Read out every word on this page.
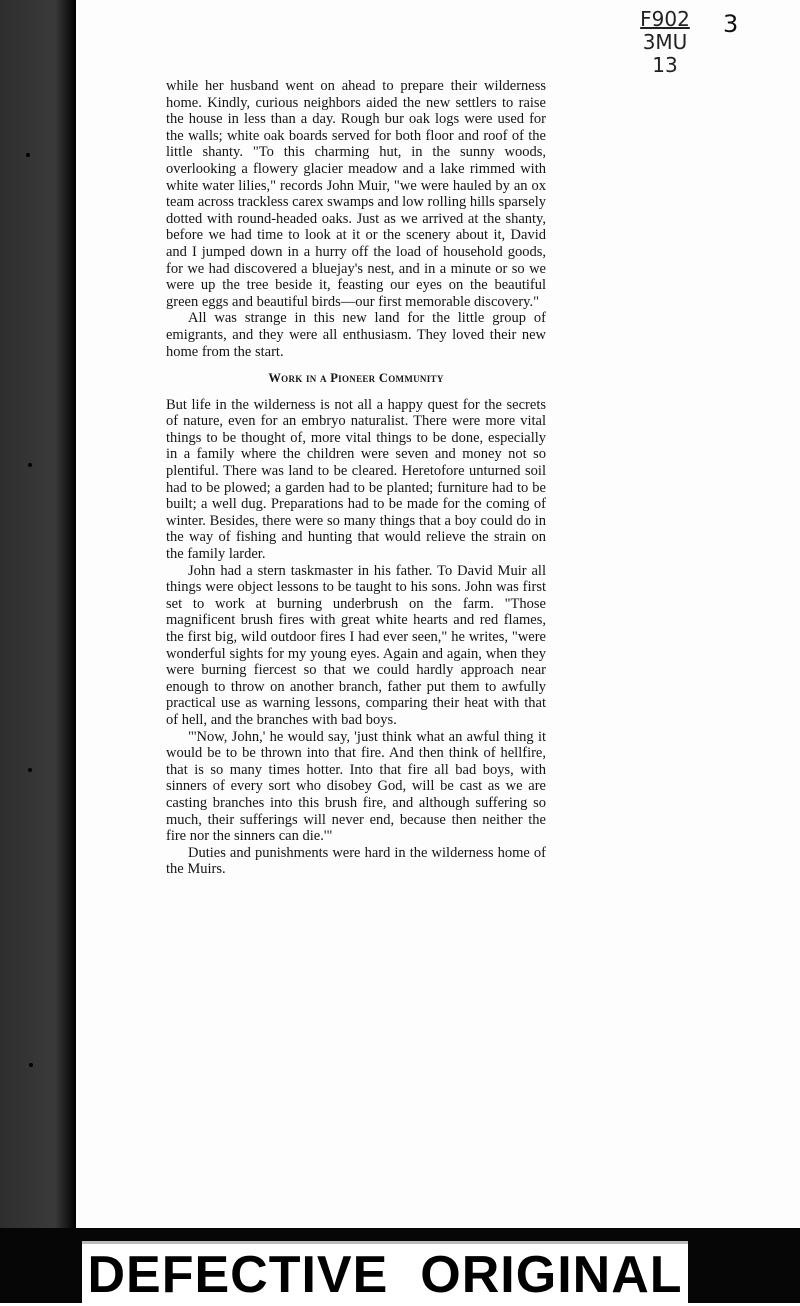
F902
3MU
13
3

while her husband went on ahead to prepare their wilderness home. Kindly, curious neighbors aided the new settlers to raise the house in less than a day. Rough bur oak logs were used for the walls; white oak boards served for both floor and roof of the little shanty. "To this charming hut, in the sunny woods, overlooking a flowery glacier meadow and a lake rimmed with white water lilies," records John Muir, "we were hauled by an ox team across trackless carex swamps and low rolling hills sparsely dotted with round-headed oaks. Just as we arrived at the shanty, before we had time to look at it or the scenery about it, David and I jumped down in a hurry off the load of household goods, for we had discovered a bluejay's nest, and in a minute or so we were up the tree beside it, feasting our eyes on the beautiful green eggs and beautiful birds—our first memorable discovery."

All was strange in this new land for the little group of emigrants, and they were all enthusiasm. They loved their new home from the start.

Work in a Pioneer Community

But life in the wilderness is not all a happy quest for the secrets of nature, even for an embryo naturalist. There were more vital things to be thought of, more vital things to be done, especially in a family where the children were seven and money not so plentiful. There was land to be cleared. Heretofore unturned soil had to be plowed; a garden had to be planted; furniture had to be built; a well dug. Preparations had to be made for the coming of winter. Besides, there were so many things that a boy could do in the way of fishing and hunting that would relieve the strain on the family larder.

John had a stern taskmaster in his father. To David Muir all things were object lessons to be taught to his sons. John was first set to work at burning underbrush on the farm. "Those magnificent brush fires with great white hearts and red flames, the first big, wild outdoor fires I had ever seen," he writes, "were wonderful sights for my young eyes. Again and again, when they were burning fiercest so that we could hardly approach near enough to throw on another branch, father put them to awfully practical use as warning lessons, comparing their heat with that of hell, and the branches with bad boys.

"'Now, John,' he would say, 'just think what an awful thing it would be to be thrown into that fire. And then think of hellfire, that is so many times hotter. Into that fire all bad boys, with sinners of every sort who disobey God, will be cast as we are casting branches into this brush fire, and although suffering so much, their sufferings will never end, because then neither the fire nor the sinners can die.'"

Duties and punishments were hard in the wilderness home of the Muirs.

DEFECTIVE ORIGINAL
